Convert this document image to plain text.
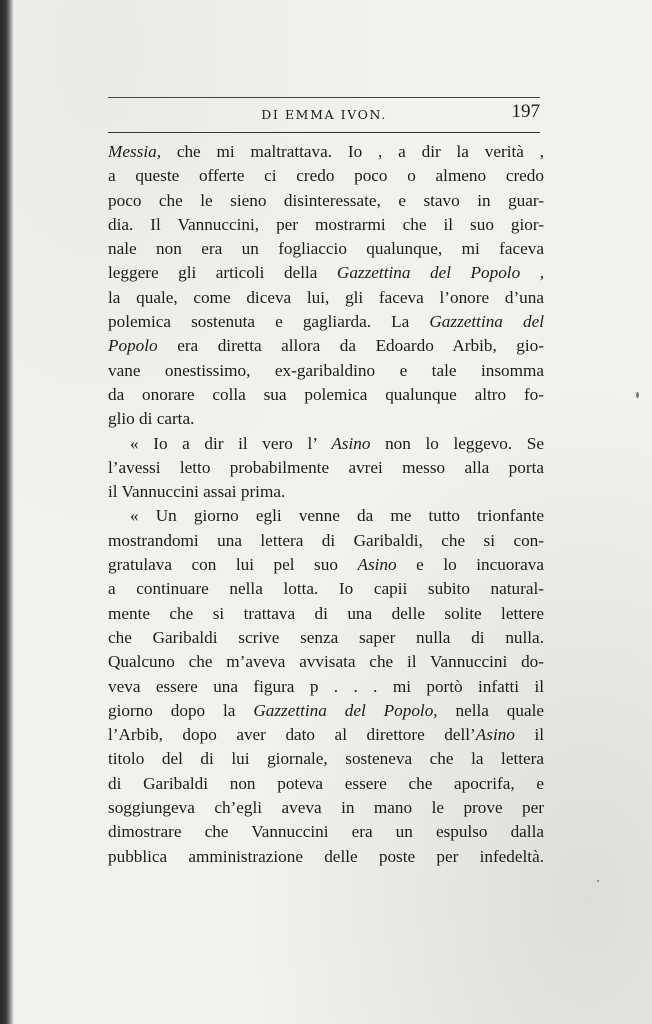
DI EMMA IVON.	197
Messia, che mi maltrattava. Io , a dir la verità ,
a queste offerte ci credo poco o almeno credo
poco che le sieno disinteressate, e stavo in guar-
dia. Il Vannuccini, per mostrarmi che il suo gior-
nale non era un fogliaccio qualunque, mi faceva
leggere gli articoli della Gazzettina del Popolo ,
la quale, come diceva lui, gli faceva l’onore d’una
polemica sostenuta e gagliarda. La Gazzettina del
Popolo era diretta allora da Edoardo Arbib, gio-
vane onestissimo, ex-garibaldino e tale insomma
da onorare colla sua polemica qualunque altro fo-
glio di carta.
« Io a dir il vero l’ Asino non lo leggevo. Se
l’avessi letto probabilmente avrei messo alla porta
il Vannuccini assai prima.
« Un giorno egli venne da me tutto trionfante
mostrandomi una lettera di Garibaldi, che si con-
gratulava con lui pel suo Asino e lo incuorava
a continuare nella lotta. Io capii subito natural-
mente che si trattava di una delle solite lettere
che Garibaldi scrive senza saper nulla di nulla.
Qualcuno che m’aveva avvisata che il Vannuccini do-
veva essere una figura p . . . mi portò infatti il
giorno dopo la Gazzettina del Popolo, nella quale
l’Arbib, dopo aver dato al direttore dell’Asino il
titolo del di lui giornale, sosteneva che la lettera
di Garibaldi non poteva essere che apocrifa, e
soggiungeva ch’egli aveva in mano le prove per
dimostrare che Vannuccini era un espulso dalla
pubblica amministrazione delle poste per infedeltà.
